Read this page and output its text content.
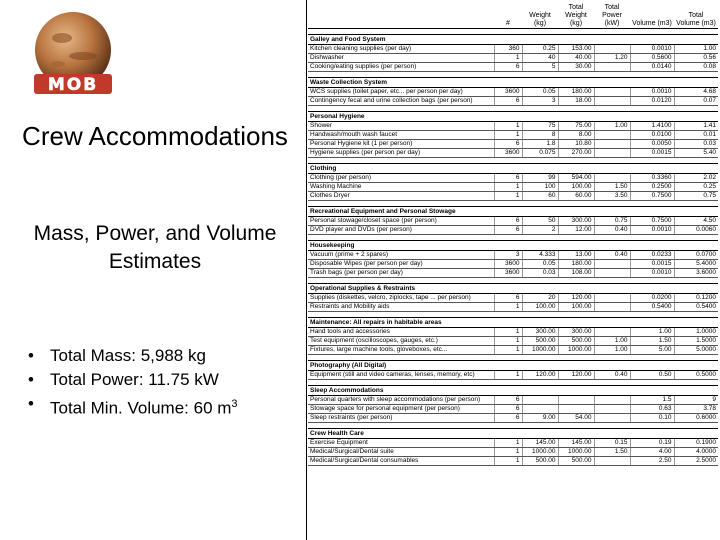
MOB
Crew Accommodations
Mass, Power, and Volume Estimates
• Total Mass: 5,988 kg
• Total Power: 11.75 kW
• Total Min. Volume: 60 $m^3$
	#	Weight (kg)	Total Weight (kg)	Total Power (kW)	Volume (m3)	Total Volume (m3)

Galley and Food System						
Kitchen cleaning supplies (per day)	360	0.25	153.00		0.0010	1.00
Dishwasher	1	40	40.00	1.20	0.5600	0.56
Cooking/eating supplies (per person)	6	5	30.00		0.0140	0.08

Waste Collection System						
WCS supplies (toilet paper, etc... per person per day)	3600	0.05	180.00		0.0010	4.68
Contingency fecal and urine collection bags (per person)	6	3	18.00		0.0120	0.07

Personal Hygiene						
Shower	1	75	75.00	1.00	1.4100	1.41
Handwash/mouth wash faucet	1	8	8.00		0.0100	0.01
Personal Hygiene kit (1 per person)	6	1.8	10.80		0.0050	0.03
Hygiene supplies (per person per day)	3600	0.075	270.00		0.0015	5.40

Clothing						
Clothing (per person)	6	99	594.00		0.3360	2.02
Washing Machine	1	100	100.00	1.50	0.2500	0.25
Clothes Dryer	1	60	60.00	3.50	0.7500	0.75

Recreational Equipment and Personal Stowage						
Personal stowage/closet space (per person)	6	50	300.00	0.75	0.7500	4.50
DVD player and DVDs (per person)	6	2	12.00	0.40	0.0010	0.0060

Housekeeping						
Vacuum (prime + 2 spares)	3	4.333	13.00	0.40	0.0233	0.0700
Disposable Wipes (per person per day)	3600	0.05	180.00		0.0015	5.4000
Trash bags (per person per day)	3600	0.03	108.00		0.0010	3.6000

Operational Supplies & Restraints						
Supplies (diskettes, velcro, ziplocks, tape ... per person)	6	20	120.00		0.0200	0.1200
Restraints and Mobility aids	1	100.00	100.00		0.5400	0.5400

Maintenance: All repairs in habitable areas						
Hand tools and accessories	1	300.00	300.00		1.00	1.0000
Test equipment (oscilloscopes, gauges, etc.)	1	500.00	500.00	1.00	1.50	1.5000
Fixtures, large machine tools, gloveboxes, etc...	1	1000.00	1000.00	1.00	5.00	5.0000

Photography (All Digital)						
Equipment (still and video cameras, lenses, memory, etc)	1	120.00	120.00	0.40	0.50	0.5000

Sleep Accommodations						
Personal quarters with sleep accommodations (per person)	6				1.5	9
Stowage space for personal equipment (per person)	6				0.63	3.78
Sleep restraints (per person)	6	9.00	54.00		0.10	0.6000

Crew Health Care						
Exercise Equipment	1	145.00	145.00	0.15	0.19	0.1900
Medical/Surgical/Dental suite	1	1000.00	1000.00	1.50	4.00	4.0000
Medical/Surgical/Dental consumables	1	500.00	500.00		2.50	2.5000
